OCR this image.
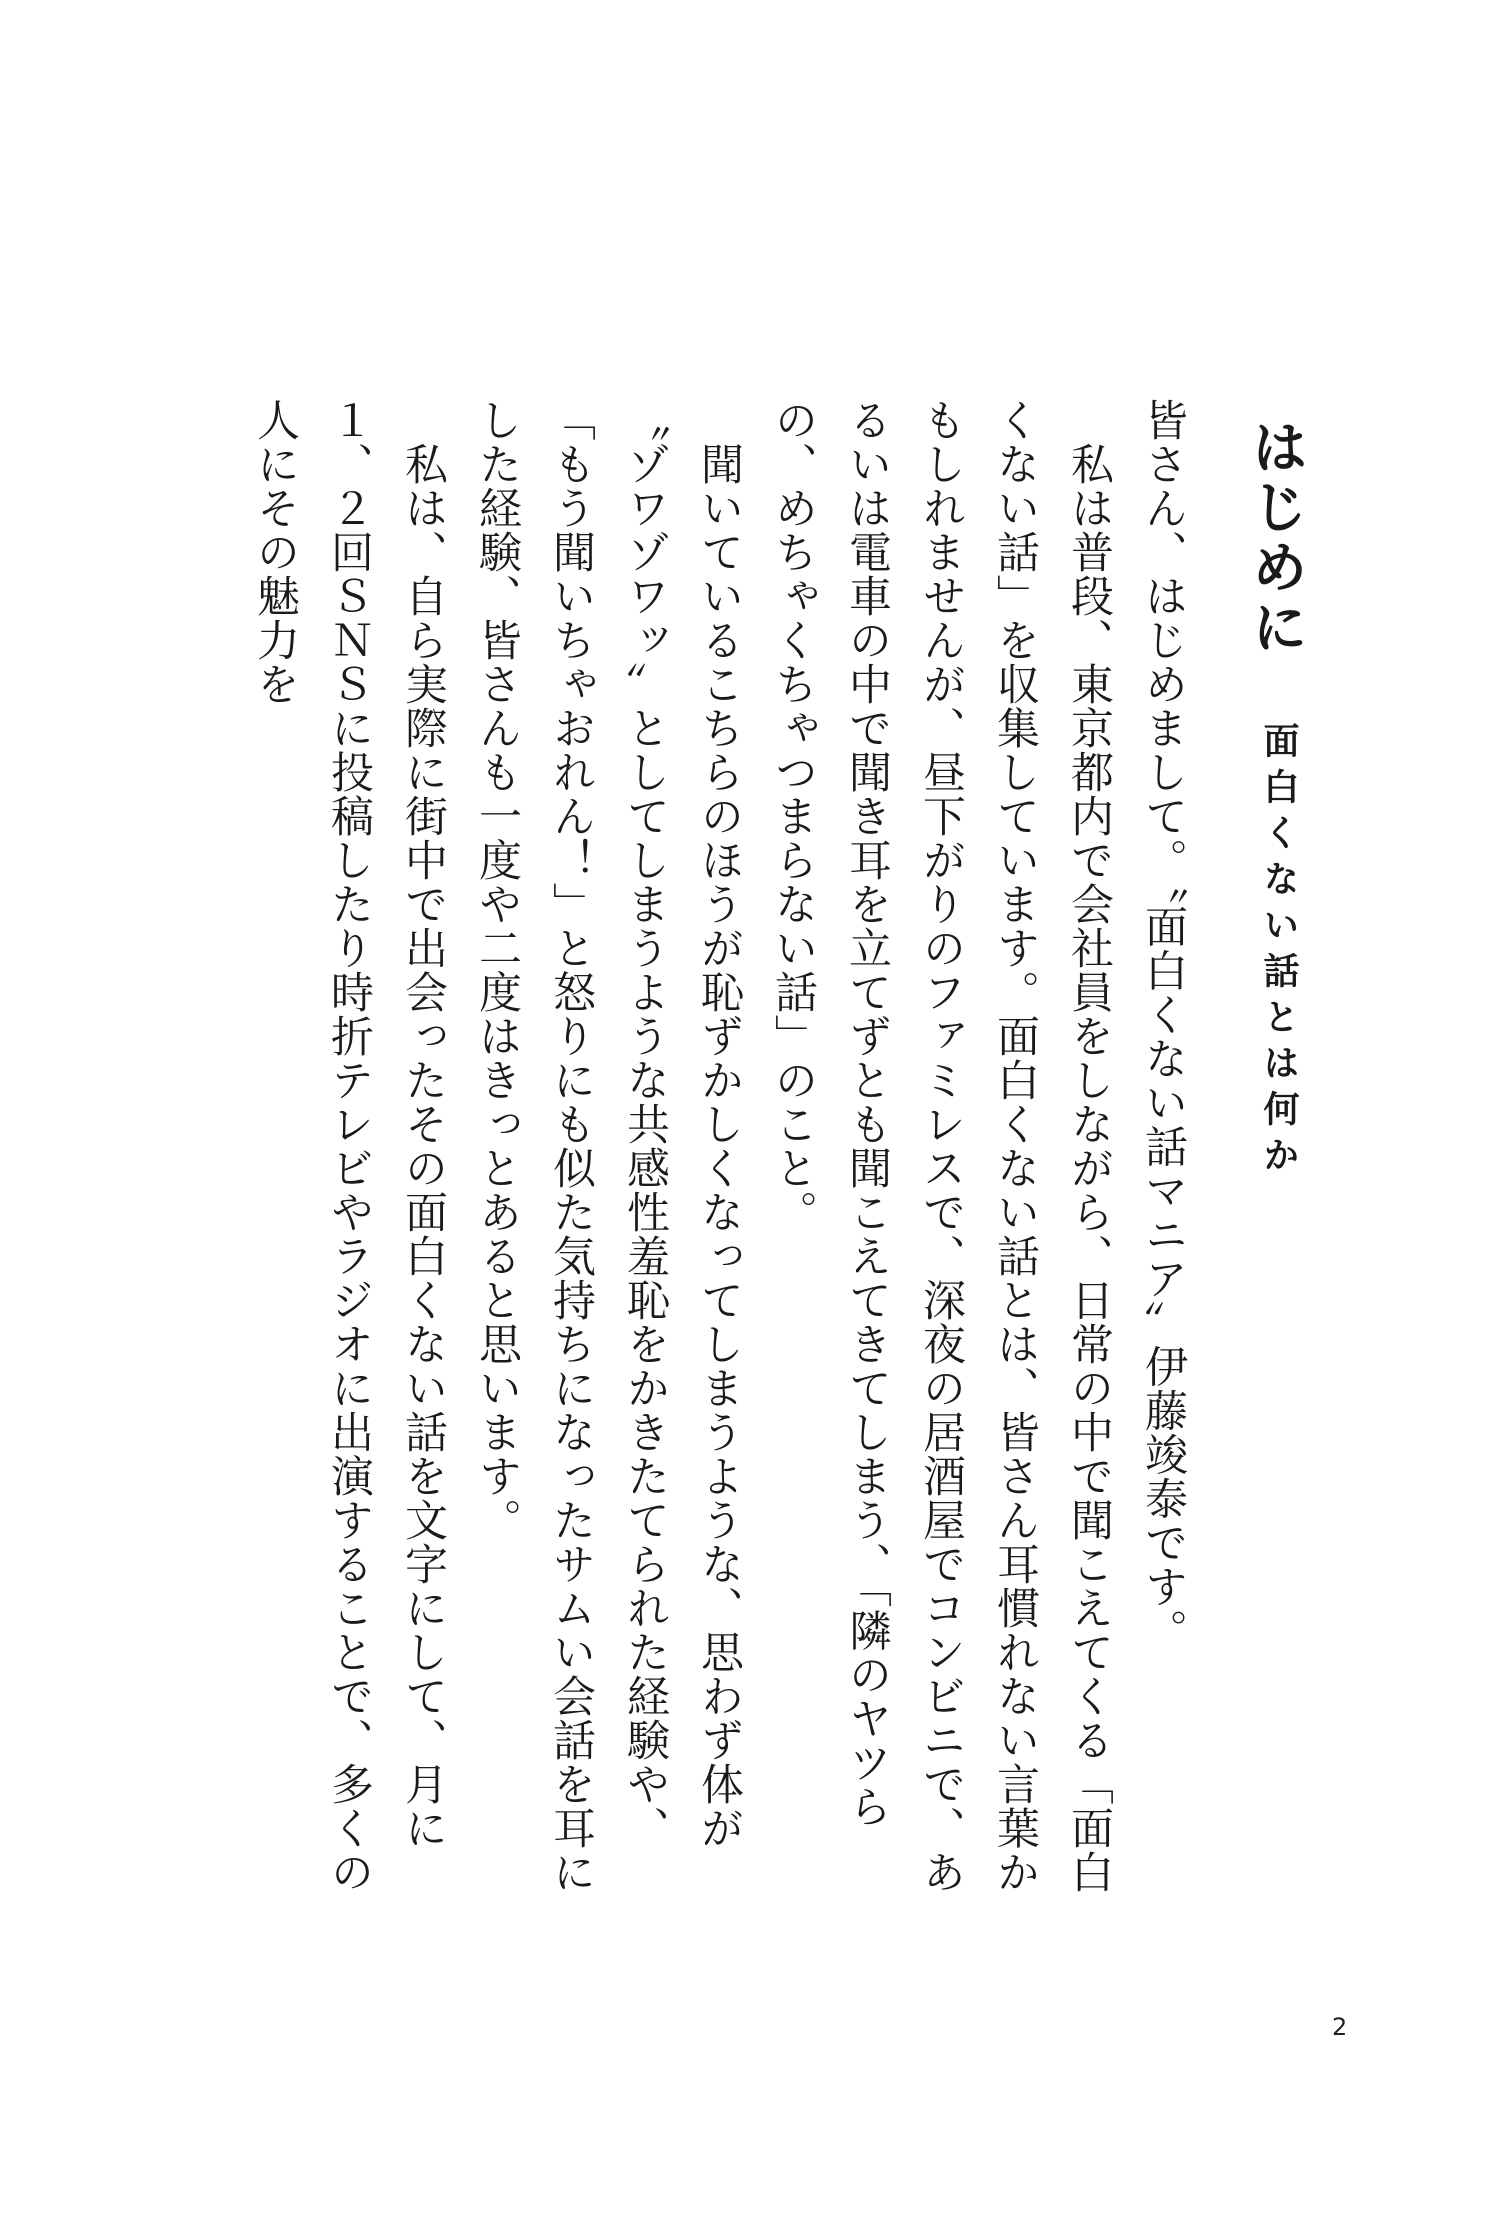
はじめに
面白くない話とは何か

皆さん、はじめまして。〝面白くない話マニア〟伊藤竣泰です。

　私は普段、東京都内で会社員をしながら、日常の中で聞こえてくる「面白くない話」を収集しています。面白くない話とは、皆さん耳慣れない言葉かもしれませんが、昼下がりのファミレスで、深夜の居酒屋でコンビニで、あるいは電車の中で聞き耳を立てずとも聞こえてきてしまう、「隣のヤツらの、めちゃくちゃつまらない話」のこと。

　聞いているこちらのほうが恥ずかしくなってしまうような、思わず体が〝ゾワゾワッ〟としてしまうような共感性羞恥をかきたてられた経験や、「もう聞いちゃおれん！」と怒りにも似た気持ちになったサムい会話を耳にした経験、皆さんも一度や二度はきっとあると思います。

　私は、自ら実際に街中で出会ったその面白くない話を文字にして、月に１、２回ＳＮＳに投稿したり時折テレビやラジオに出演することで、多くの人にその魅力を

2
